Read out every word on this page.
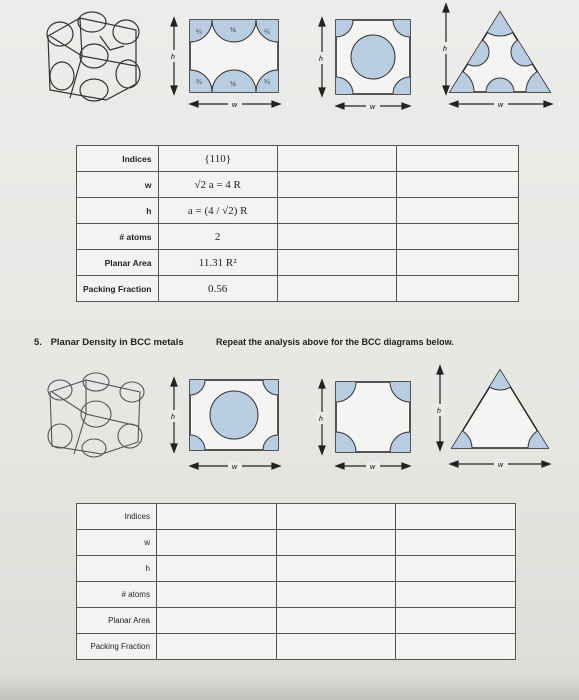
¼	½	¼
¼	½	¼
w
h
w
h
w
h
Indices	{110}		
w	√2 a = 4 R		
h	a = (4 / √2) R		
# atoms	2		
Planar Area	11.31 R²		
Packing Fraction	0.56		
5. Planar Density in BCC metals	Repeat the analysis above for the BCC diagrams below.
w
h
w
h
w
h
Indices			
w			
h			
# atoms			
Planar Area			
Packing Fraction			
